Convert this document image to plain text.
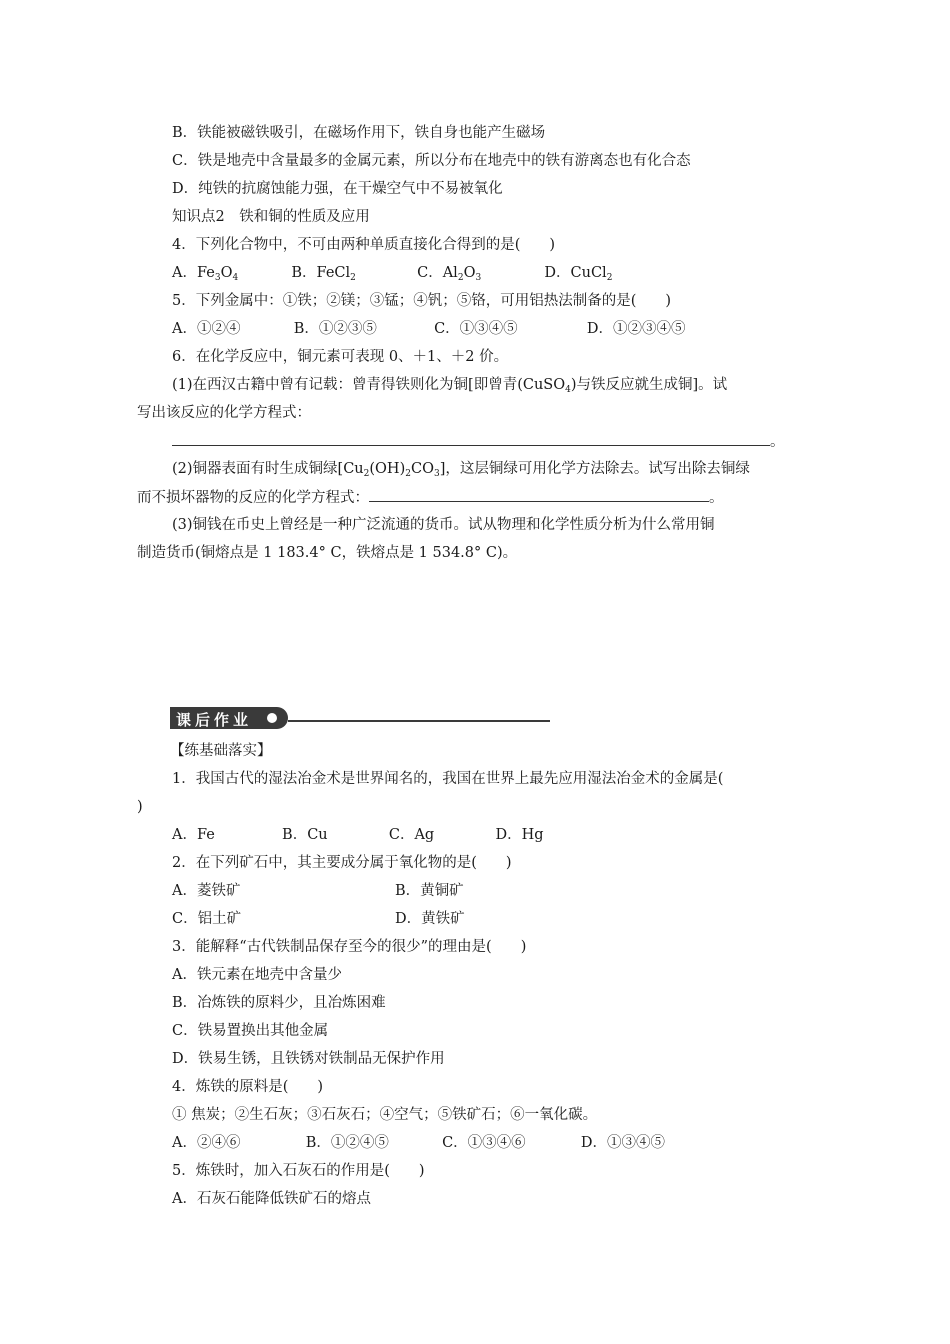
B．铁能被磁铁吸引，在磁场作用下，铁自身也能产生磁场
C．铁是地壳中含量最多的金属元素，所以分布在地壳中的铁有游离态也有化合态
D．纯铁的抗腐蚀能力强，在干燥空气中不易被氧化
知识点2　铁和铜的性质及应用
4．下列化合物中，不可由两种单质直接化合得到的是(　　)
A．$Fe_3O_4$	B．FeCl$_2$	C．$Al_2O_3$	D．CuCl$_2$
5．下列金属中：①铁；②镁；③锰；④钒；⑤铬，可用铝热法制备的是(　　)
A．①②④	B．①②③⑤	C．①③④⑤	D．①②③④⑤
6．在化学反应中，铜元素可表现 0、＋1、＋2 价。
(1)在西汉古籍中曾有记载：曾青得铁则化为铜[即曾青(CuSO$_4$)与铁反应就生成铜]。试
写出该反应的化学方程式：
。
(2)铜器表面有时生成铜绿$[Cu_2(OH)_2CO_3]$，这层铜绿可用化学方法除去。试写出除去铜绿
而不损坏器物的反应的化学方程式：	。
(3)铜钱在币史上曾经是一种广泛流通的货币。试从物理和化学性质分析为什么常用铜
制造货币(铜熔点是 1 183.4° C，铁熔点是 1 534.8° C)。
课后作业
【练基础落实】
1．我国古代的湿法冶金术是世界闻名的，我国在世界上最先应用湿法冶金术的金属是(
)
A．Fe	B．Cu	C．Ag	D．Hg
2．在下列矿石中，其主要成分属于氧化物的是(　　)
A．菱铁矿	B．黄铜矿
C．铝土矿	D．黄铁矿
3．能解释“古代铁制品保存至今的很少”的理由是(　　)
A．铁元素在地壳中含量少
B．冶炼铁的原料少，且冶炼困难
C．铁易置换出其他金属
D．铁易生锈，且铁锈对铁制品无保护作用
4．炼铁的原料是(　　)
① 焦炭；②生石灰；③石灰石；④空气；⑤铁矿石；⑥一氧化碳。
A．②④⑥	B．①②④⑤	C．①③④⑥	D．①③④⑤
5．炼铁时，加入石灰石的作用是(　　)
A．石灰石能降低铁矿石的熔点
